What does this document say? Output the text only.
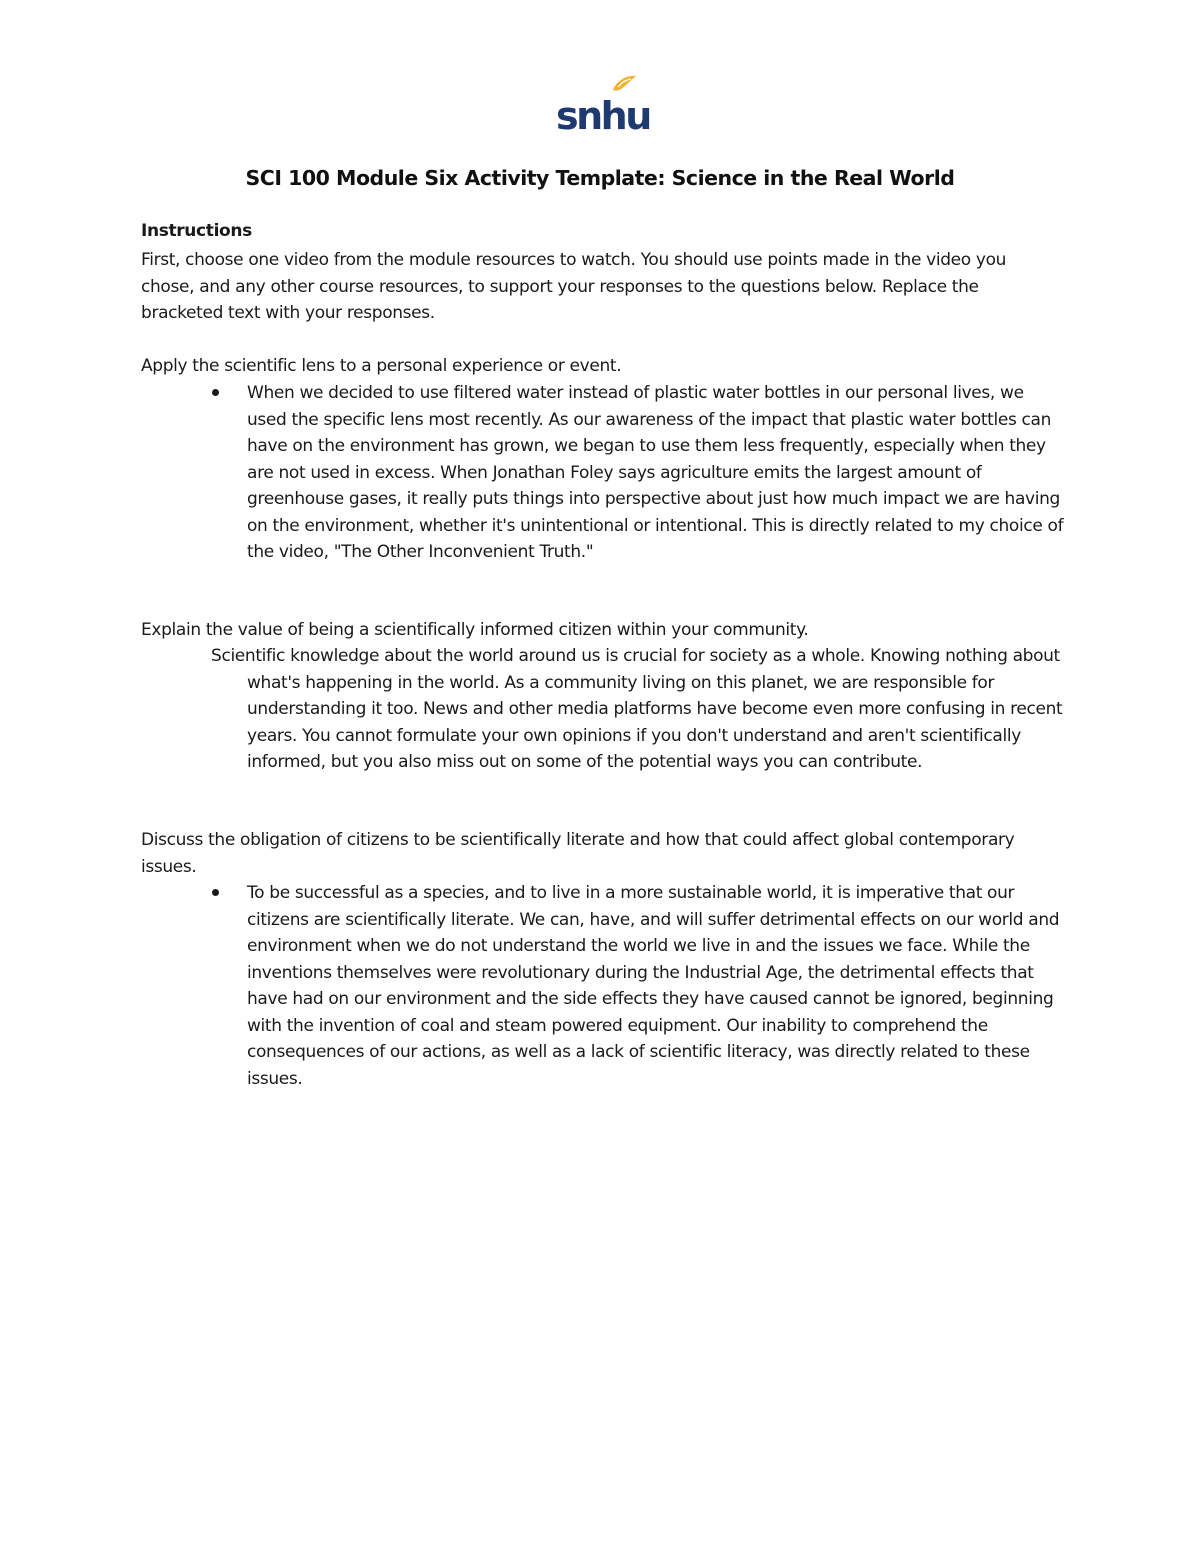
snhu
SCI 100 Module Six Activity Template: Science in the Real World
Instructions
First, choose one video from the module resources to watch. You should use points made in the video you chose, and any other course resources, to support your responses to the questions below. Replace the bracketed text with your responses.
Apply the scientific lens to a personal experience or event.
When we decided to use filtered water instead of plastic water bottles in our personal lives, we used the specific lens most recently. As our awareness of the impact that plastic water bottles can have on the environment has grown, we began to use them less frequently, especially when they are not used in excess. When Jonathan Foley says agriculture emits the largest amount of greenhouse gases, it really puts things into perspective about just how much impact we are having on the environment, whether it's unintentional or intentional. This is directly related to my choice of the video, "The Other Inconvenient Truth."
Explain the value of being a scientifically informed citizen within your community.
Scientific knowledge about the world around us is crucial for society as a whole. Knowing nothing about what's happening in the world. As a community living on this planet, we are responsible for understanding it too. News and other media platforms have become even more confusing in recent years. You cannot formulate your own opinions if you don't understand and aren't scientifically informed, but you also miss out on some of the potential ways you can contribute.
Discuss the obligation of citizens to be scientifically literate and how that could affect global contemporary issues.
To be successful as a species, and to live in a more sustainable world, it is imperative that our citizens are scientifically literate. We can, have, and will suffer detrimental effects on our world and environment when we do not understand the world we live in and the issues we face. While the inventions themselves were revolutionary during the Industrial Age, the detrimental effects that have had on our environment and the side effects they have caused cannot be ignored, beginning with the invention of coal and steam powered equipment. Our inability to comprehend the consequences of our actions, as well as a lack of scientific literacy, was directly related to these issues.
